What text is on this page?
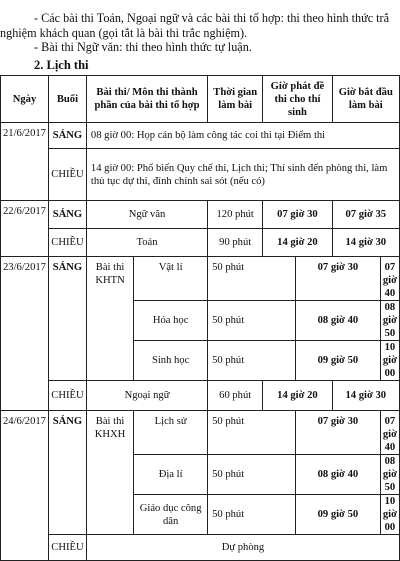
- Các bài thi Toán, Ngoại ngữ và các bài thi tổ hợp: thi theo hình thức trắ
nghiệm khách quan (gọi tắt là bài thi trắc nghiệm).
- Bài thi Ngữ văn: thi theo hình thức tự luận.
2. Lịch thi
Ngày	Buổi	Bài thi/ Môn thi thành phần của bài thi tổ hợp		Thời gian làm bài	Giờ phát đề thi cho thí sinh		Giờ bắt đầu làm bài	
21/6/2017	SÁNG	08 giờ 00: Họp cán bộ làm công tác coi thi tại Điểm thi						
	CHIỀU	14 giờ 00: Phổ biến Quy chế thi, Lịch thi; Thí sinh đến phòng thi, làm thủ tục dự thi, đính chính sai sót (nếu có)						
22/6/2017	SÁNG	Ngữ văn		120 phút	07 giờ 30		07 giờ 35	
	CHIỀU	Toán		90 phút	14 giờ 20		14 giờ 30	
23/6/2017	SÁNG	Bài thi KHTN	Vật lí	50 phút		07 giờ 30		07 giờ 40
			Hóa học	50 phút		08 giờ 40		08 giờ 50
			Sinh học	50 phút		09 giờ 50		10 giờ 00
	CHIỀU	Ngoại ngữ		60 phút	14 giờ 20		14 giờ 30	
24/6/2017	SÁNG	Bài thi KHXH	Lịch sử	50 phút		07 giờ 30		07 giờ 40
			Địa lí	50 phút		08 giờ 40		08 giờ 50
			Giáo dục công dân	50 phút		09 giờ 50		10 giờ 00
	CHIỀU	Dự phòng						
